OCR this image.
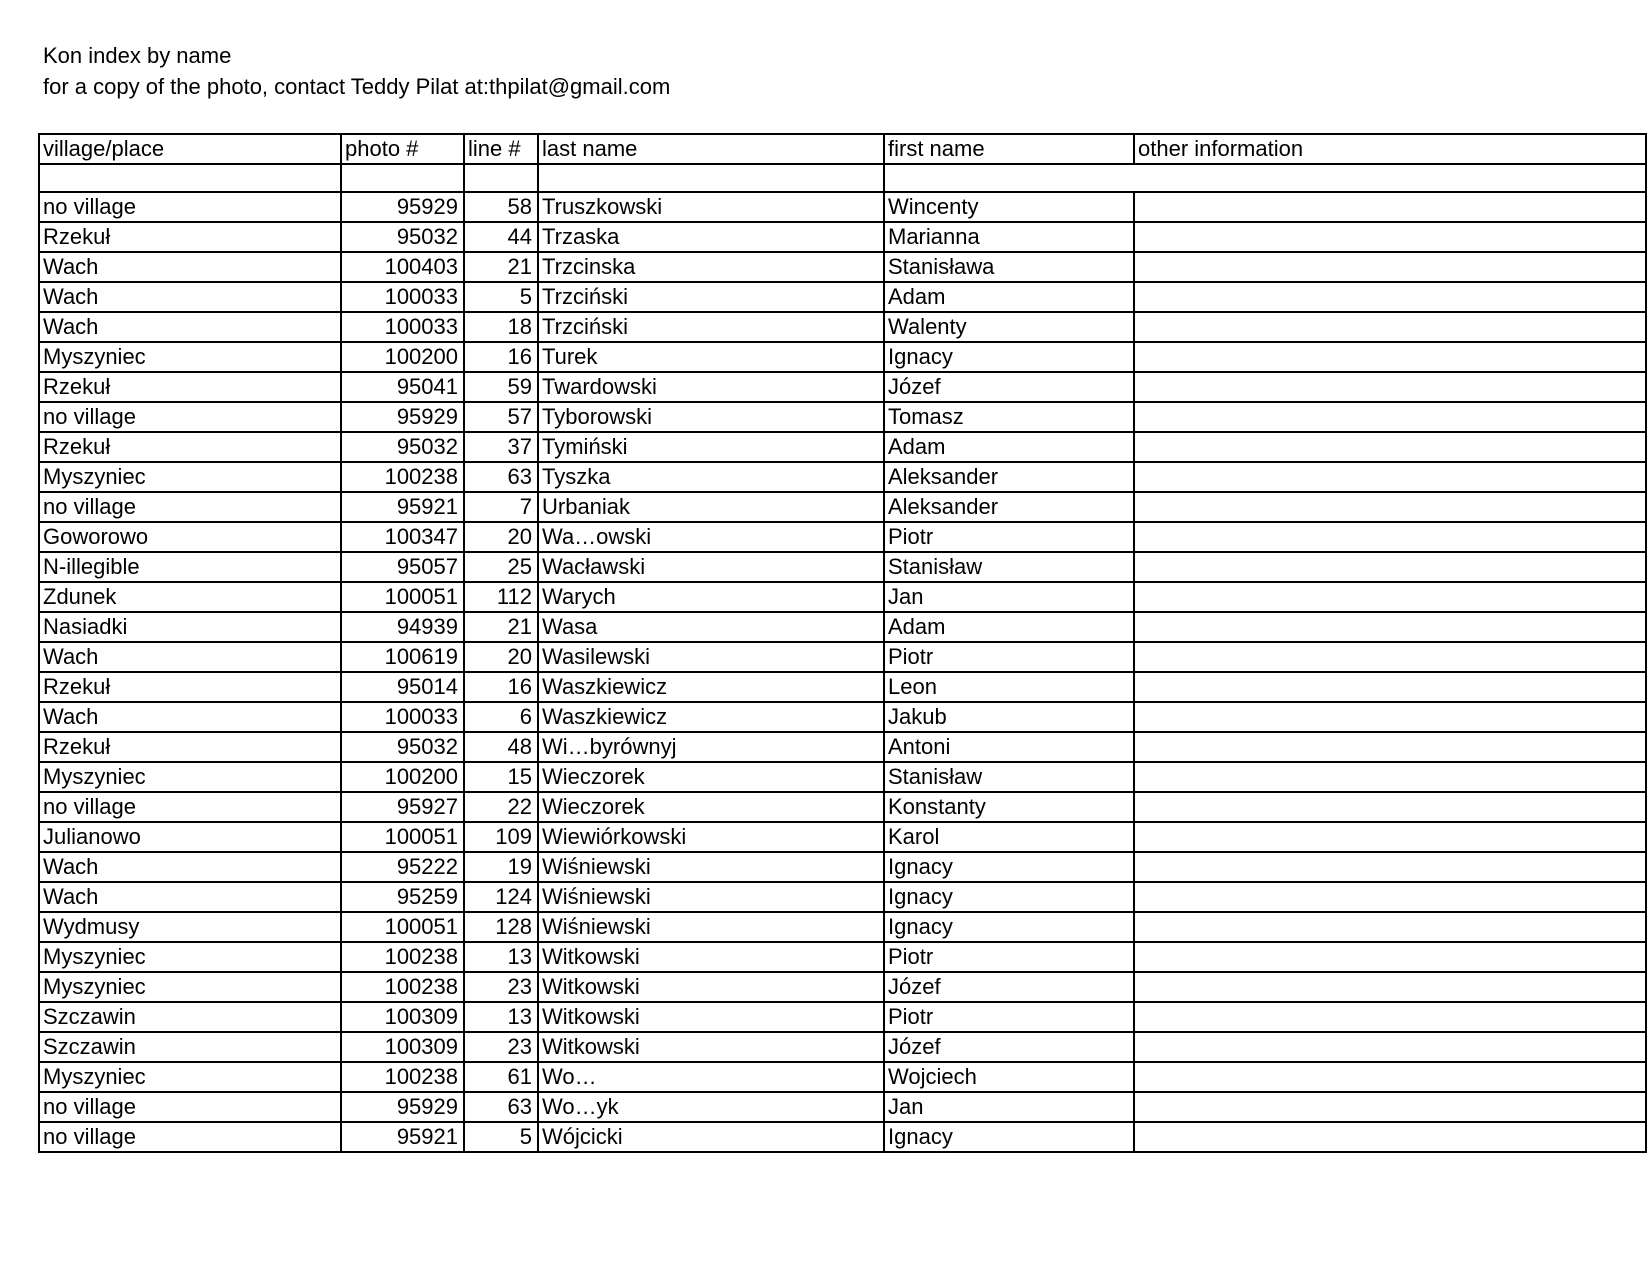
Kon index by name
for a copy of the photo, contact Teddy Pilat at:thpilat@gmail.com
village/place	photo #	line #	last name	first name	other information

no village	95929	58	Truszkowski	Wincenty	
Rzekuł	95032	44	Trzaska	Marianna	
Wach	100403	21	Trzcinska	Stanisława	
Wach	100033	5	Trzciński	Adam	
Wach	100033	18	Trzciński	Walenty	
Myszyniec	100200	16	Turek	Ignacy	
Rzekuł	95041	59	Twardowski	Józef	
no village	95929	57	Tyborowski	Tomasz	
Rzekuł	95032	37	Tymiński	Adam	
Myszyniec	100238	63	Tyszka	Aleksander	
no village	95921	7	Urbaniak	Aleksander	
Goworowo	100347	20	Wa…owski	Piotr	
N-illegible	95057	25	Wacławski	Stanisław	
Zdunek	100051	112	Warych	Jan	
Nasiadki	94939	21	Wasa	Adam	
Wach	100619	20	Wasilewski	Piotr	
Rzekuł	95014	16	Waszkiewicz	Leon	
Wach	100033	6	Waszkiewicz	Jakub	
Rzekuł	95032	48	Wi…byrównyj	Antoni	
Myszyniec	100200	15	Wieczorek	Stanisław	
no village	95927	22	Wieczorek	Konstanty	
Julianowo	100051	109	Wiewiórkowski	Karol	
Wach	95222	19	Wiśniewski	Ignacy	
Wach	95259	124	Wiśniewski	Ignacy	
Wydmusy	100051	128	Wiśniewski	Ignacy	
Myszyniec	100238	13	Witkowski	Piotr	
Myszyniec	100238	23	Witkowski	Józef	
Szczawin	100309	13	Witkowski	Piotr	
Szczawin	100309	23	Witkowski	Józef	
Myszyniec	100238	61	Wo…	Wojciech	
no village	95929	63	Wo…yk	Jan	
no village	95921	5	Wójcicki	Ignacy	
